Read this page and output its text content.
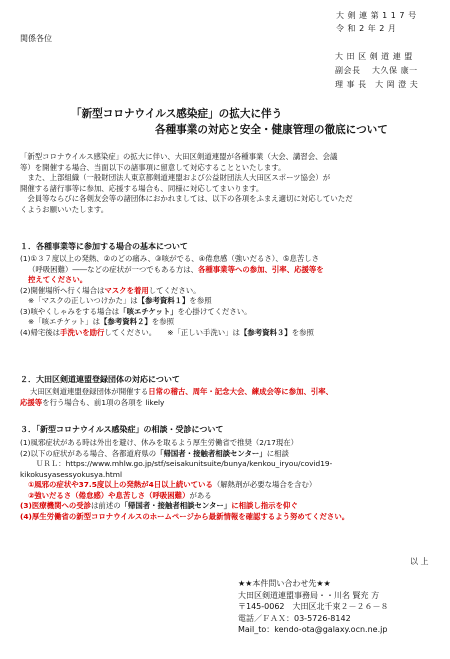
大 剣 連 第 1 1 7 号
令 和 2 年 2 月
関係各位
大 田 区 剣 道 連 盟
副会長　 大久保 康一
理 事 長　大 岡 澄 夫
「新型コロナウイルス感染症」の拡大に伴う
各種事業の対応と安全・健康管理の徹底について
「新型コロナウイルス感染症」の拡大に伴い、大田区剣道連盟が各種事業（大会、講習会、会議
等）を開催する場合、当面以下の諸事項に留意して対応することといたします。
　また、上部組織（一般財団法人東京都剣道連盟および公益財団法人大田区スポーツ協会）が
開催する諸行事等に参加、応援する場合も、同様に対応してまいります。
　会員等ならびに各剣友会等の諸団体におかれましては、以下の各項をふまえ適切に対応していただ
くようお願いいたします。
１．各種事業等に参加する場合の基本について
(1)①３７度以上の発熱、②のどの痛み、③咳がでる、④倦怠感（強いだるさ）、⑤息苦しさ
（呼吸困難）――などの症状が一つでもある方は、各種事業等への参加、引率、応援等を
控えてください。
(2)開催場所へ行く場合はマスクを着用してください。
※「マスクの正しいつけかた」は【参考資料１】を参照
(3)咳やくしゃみをする場合は「咳エチケット」を心掛けてください。
※「咳エチケット」は【参考資料２】を参照
(4)帰宅後は手洗いを励行してください。　　※「正しい手洗い」は【参考資料３】を参照
２．大田区剣道連盟登録団体の対応について
大田区剣道連盟登録団体が開催する日常の稽古、周年・記念大会、練成会等に参加、引率、
応援等を行う場合も、前1項の各項を likely
３．「新型コロナウイルス感染症」の相談・受診について
(1)風邪症状がある時は外出を避け、休みを取るよう厚生労働省で推奨（2/17現在）
(2)以下の症状がある場合、各都道府県の「帰国者・接触者相談センター」に相談
ＵＲＬ：https://www.mhlw.go.jp/stf/seisakunitsuite/bunya/kenkou_iryou/covid19-
kikokusyasessyokusya.html
①風邪の症状や37.5度以上の発熱が4日以上続いている（解熱剤が必要な場合を含む）
②強いだるさ（倦怠感）や息苦しさ（呼吸困難）がある
(3)医療機関への受診は前述の「帰国者・接触者相談センター」に相談し指示を仰ぐ
(4)厚生労働省の新型コロナウイルスのホームページから最新情報を確認するよう努めてください。
以 上
★★本件問い合わせ先★★
大田区剣道連盟事務局・・川名 賢充 方
〒145-0062　大田区北千束２－２６－８
電話／ＦＡＸ：03-5726-8142
Mail_to：kendo-ota@galaxy.ocn.ne.jp
